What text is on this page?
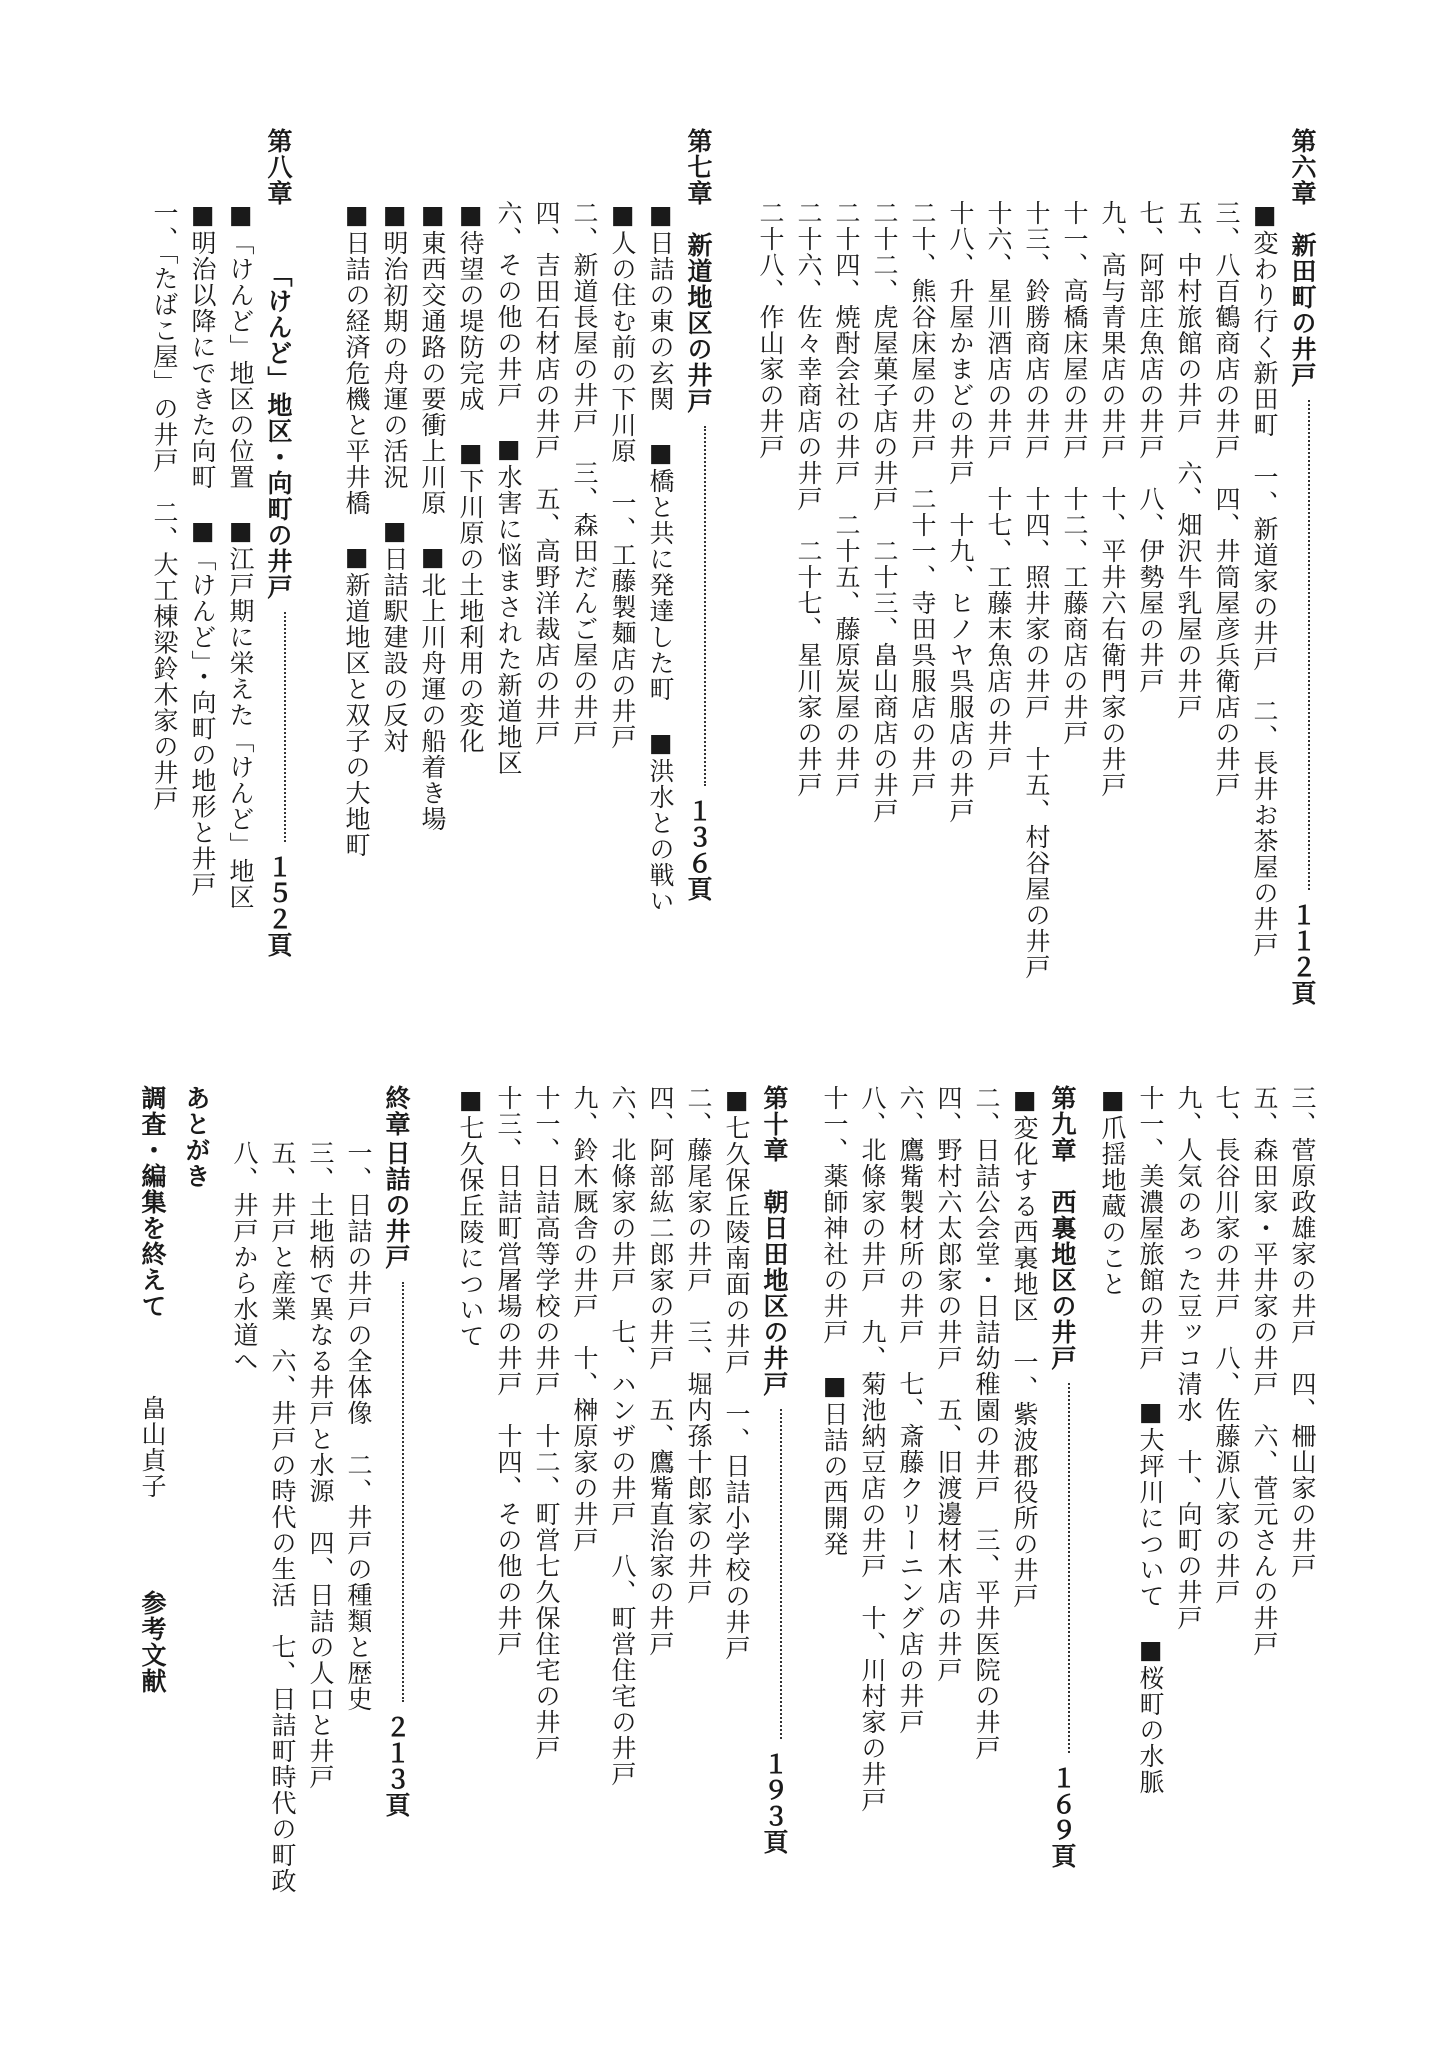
第六章新田町の井戸１１２頁
■変わり行く新田町　一、新道家の井戸　二、長井お茶屋の井戸
三、八百鶴商店の井戸　四、井筒屋彦兵衛店の井戸
五、中村旅館の井戸　六、畑沢牛乳屋の井戸
七、阿部庄魚店の井戸　八、伊勢屋の井戸
九、高与青果店の井戸　十、平井六右衛門家の井戸
十一、高橋床屋の井戸　十二、工藤商店の井戸
十三、鈴勝商店の井戸　十四、照井家の井戸　十五、村谷屋の井戸
十六、星川酒店の井戸　十七、工藤末魚店の井戸
十八、升屋かまどの井戸　十九、ヒノヤ呉服店の井戸
二十、熊谷床屋の井戸　二十一、寺田呉服店の井戸
二十二、虎屋菓子店の井戸　二十三、畠山商店の井戸
二十四、焼酎会社の井戸　二十五、藤原炭屋の井戸
二十六、佐々幸商店の井戸　二十七、星川家の井戸
二十八、作山家の井戸
第七章新道地区の井戸１３６頁
■日詰の東の玄関　■橋と共に発達した町　■洪水との戦い
■人の住む前の下川原　一、工藤製麺店の井戸
二、新道長屋の井戸　三、森田だんご屋の井戸
四、吉田石材店の井戸　五、高野洋裁店の井戸
六、その他の井戸　■水害に悩まされた新道地区
■待望の堤防完成　■下川原の土地利用の変化
■東西交通路の要衝上川原　■北上川舟運の船着き場
■明治初期の舟運の活況　■日詰駅建設の反対
■日詰の経済危機と平井橋　■新道地区と双子の大地町
第八章
「けんど」地区・向町の井戸１５２頁
■「けんど」地区の位置　■江戸期に栄えた「けんど」地区
■明治以降にできた向町　■「けんど」・向町の地形と井戸
一、「たばこ屋」の井戸　二、大工棟梁鈴木家の井戸
三、菅原政雄家の井戸　四、柵山家の井戸
五、森田家・平井家の井戸　六、菅元さんの井戸
七、長谷川家の井戸　八、佐藤源八家の井戸
九、人気のあった豆ッコ清水　十、向町の井戸
十一、美濃屋旅館の井戸　■大坪川について　■桜町の水脈
■爪揺地蔵のこと
第九章西裏地区の井戸１６９頁
■変化する西裏地区　一、紫波郡役所の井戸
二、日詰公会堂・日詰幼稚園の井戸　三、平井医院の井戸
四、野村六太郎家の井戸　五、旧渡邊材木店の井戸
六、鷹觜製材所の井戸　七、斎藤クリーニング店の井戸
八、北條家の井戸　九、菊池納豆店の井戸　十、川村家の井戸
十一、薬師神社の井戸　■日詰の西開発
第十章朝日田地区の井戸１９３頁
■七久保丘陵南面の井戸　一、日詰小学校の井戸
二、藤尾家の井戸　三、堀内孫十郎家の井戸
四、阿部紘二郎家の井戸　五、鷹觜直治家の井戸
六、北條家の井戸　七、ハンザの井戸　八、町営住宅の井戸
九、鈴木厩舎の井戸　十、榊原家の井戸
十一、日詰高等学校の井戸　十二、町営七久保住宅の井戸
十三、日詰町営屠場の井戸　十四、その他の井戸
■七久保丘陵について
終章
日詰の井戸２１３頁
一、日詰の井戸の全体像　二、井戸の種類と歴史
三、土地柄で異なる井戸と水源　四、日詰の人口と井戸
五、井戸と産業　六、井戸の時代の生活　七、日詰町時代の町政
八、井戸から水道へ
あとがき
調査・編集を終えて
畠山貞子
参考文献
